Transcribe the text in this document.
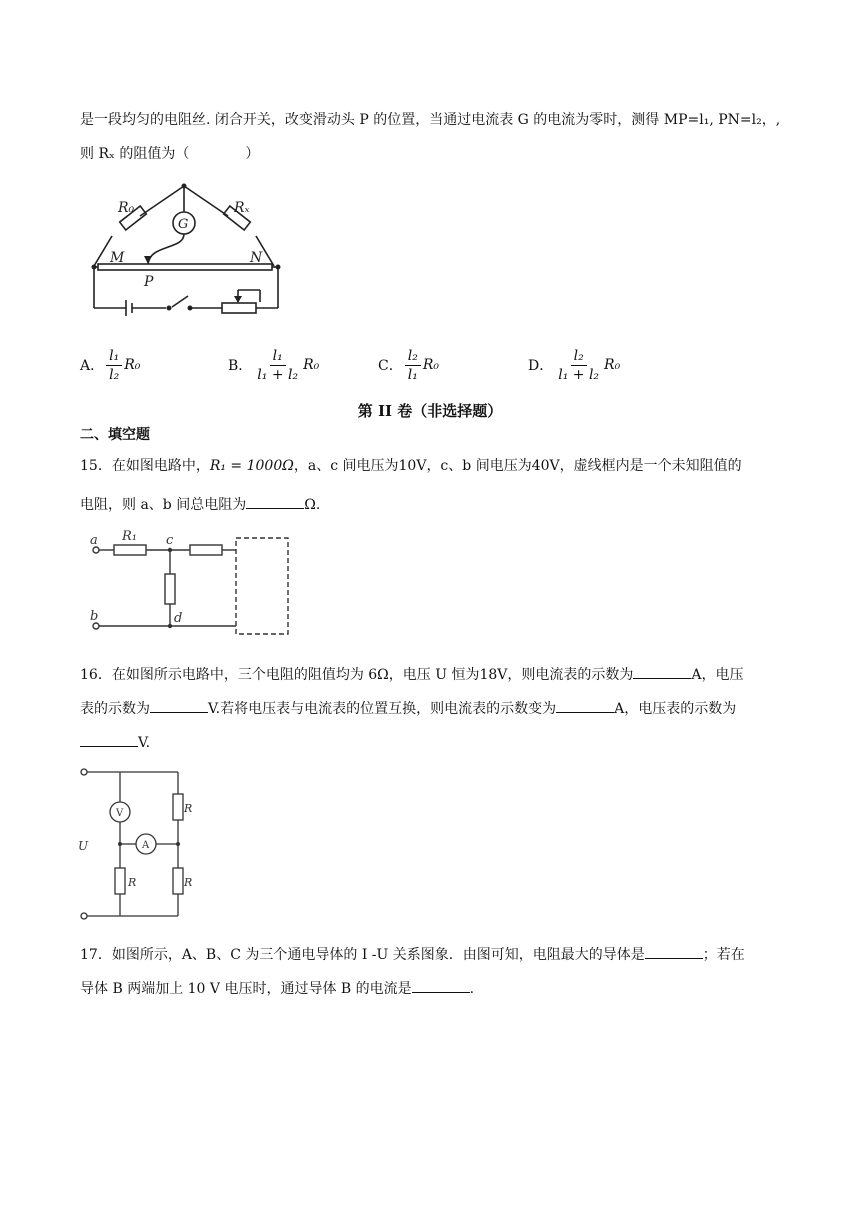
是一段均匀的电阻丝. 闭合开关，改变滑动头 P 的位置，当通过电流表 G 的电流为零时，测得 MP=l₁, PN=l₂，,
则 Rₓ 的阻值为（　　　　）
R₀	Rₓ
G
M	N
P
A． $\frac{\text{l₁}}{\text{l₂}} R_0$	B． $\frac{\text{l₁}}{\text{l₁ + l₂}} R_0$	C． $\frac{\text{l₂}}{\text{l₁}} R_0$	D． $\frac{\text{l₂}}{\text{l₁ + l₂}} R_0$
第 II 卷（非选择题）
二、填空题
15．在如图电路中，R₁ = 1000Ω，a、c 间电压为10V，c、b 间电压为40V，虚线框内是一个未知阻值的
电阻，则 a、b 间总电阻为	Ω.
a
b
R₁ c
d
16．在如图所示电路中，三个电阻的阻值均为 6Ω，电压 U 恒为18V，则电流表的示数为	A，电压
表的示数为	V.若将电压表与电流表的位置互换，则电流表的示数变为	A，电压表的示数为
V.
U
V
A
R
R	R
17．如图所示，A、B、C 为三个通电导体的 I -U 关系图象．由图可知，电阻最大的导体是	；若在
导体 B 两端加上 10 V 电压时，通过导体 B 的电流是	.
